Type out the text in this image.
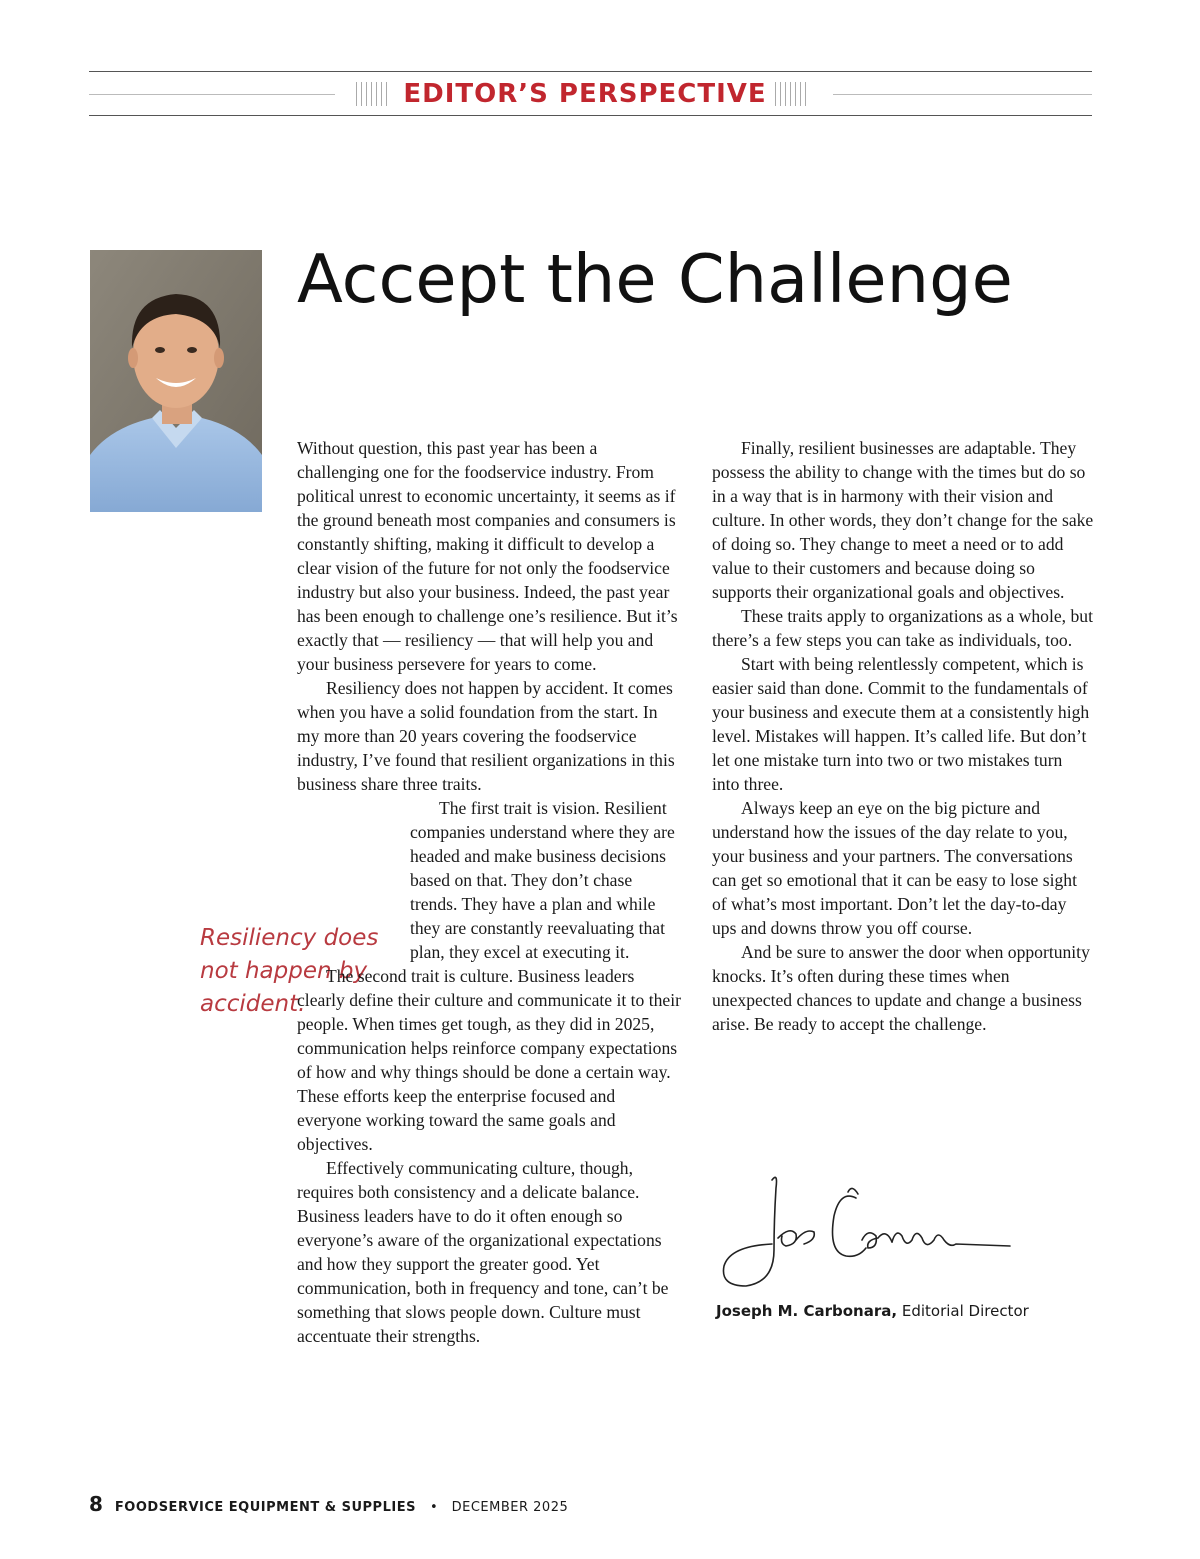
EDITOR’S PERSPECTIVE
Accept the Challenge
Resiliency does not happen by accident.

Without question, this past year has been a challenging one for the foodservice industry. From political unrest to economic uncertainty, it seems as if the ground beneath most companies and consumers is constantly shifting, making it difficult to develop a clear vision of the future for not only the foodservice industry but also your business. Indeed, the past year has been enough to challenge one’s resilience. But it’s exactly that — resiliency — that will help you and your business persevere for years to come.

Resiliency does not happen by accident. It comes when you have a solid foundation from the start. In my more than 20 years covering the foodservice industry, I’ve found that resilient organizations in this business share three traits.

The first trait is vision. Resilient companies understand where they are headed and make business decisions based on that. They don’t chase trends. They have a plan and while they are constantly reevaluating that plan, they excel at executing it.

The second trait is culture. Business leaders clearly define their culture and communicate it to their people. When times get tough, as they did in 2025, communication helps reinforce company expectations of how and why things should be done a certain way. These efforts keep the enterprise focused and everyone working toward the same goals and objectives.

Effectively communicating culture, though, requires both consistency and a delicate balance. Business leaders have to do it often enough so everyone’s aware of the organizational expectations and how they support the greater good. Yet communication, both in frequency and tone, can’t be something that slows people down. Culture must accentuate their strengths.

Finally, resilient businesses are adaptable. They possess the ability to change with the times but do so in a way that is in harmony with their vision and culture. In other words, they don’t change for the sake of doing so. They change to meet a need or to add value to their customers and because doing so supports their organizational goals and objectives.

These traits apply to organizations as a whole, but there’s a few steps you can take as individuals, too.

Start with being relentlessly competent, which is easier said than done. Commit to the fundamentals of your business and execute them at a consistently high level. Mistakes will happen. It’s called life. But don’t let one mistake turn into two or two mistakes turn into three.

Always keep an eye on the big picture and understand how the issues of the day relate to you, your business and your partners. The conversations can get so emotional that it can be easy to lose sight of what’s most important. Don’t let the day-to-day ups and downs throw you off course.

And be sure to answer the door when opportunity knocks. It’s often during these times when unexpected chances to update and change a business arise. Be ready to accept the challenge.

Joseph M. Carbonara, Editorial Director
8 FOODSERVICE EQUIPMENT & SUPPLIES • DECEMBER 2025
